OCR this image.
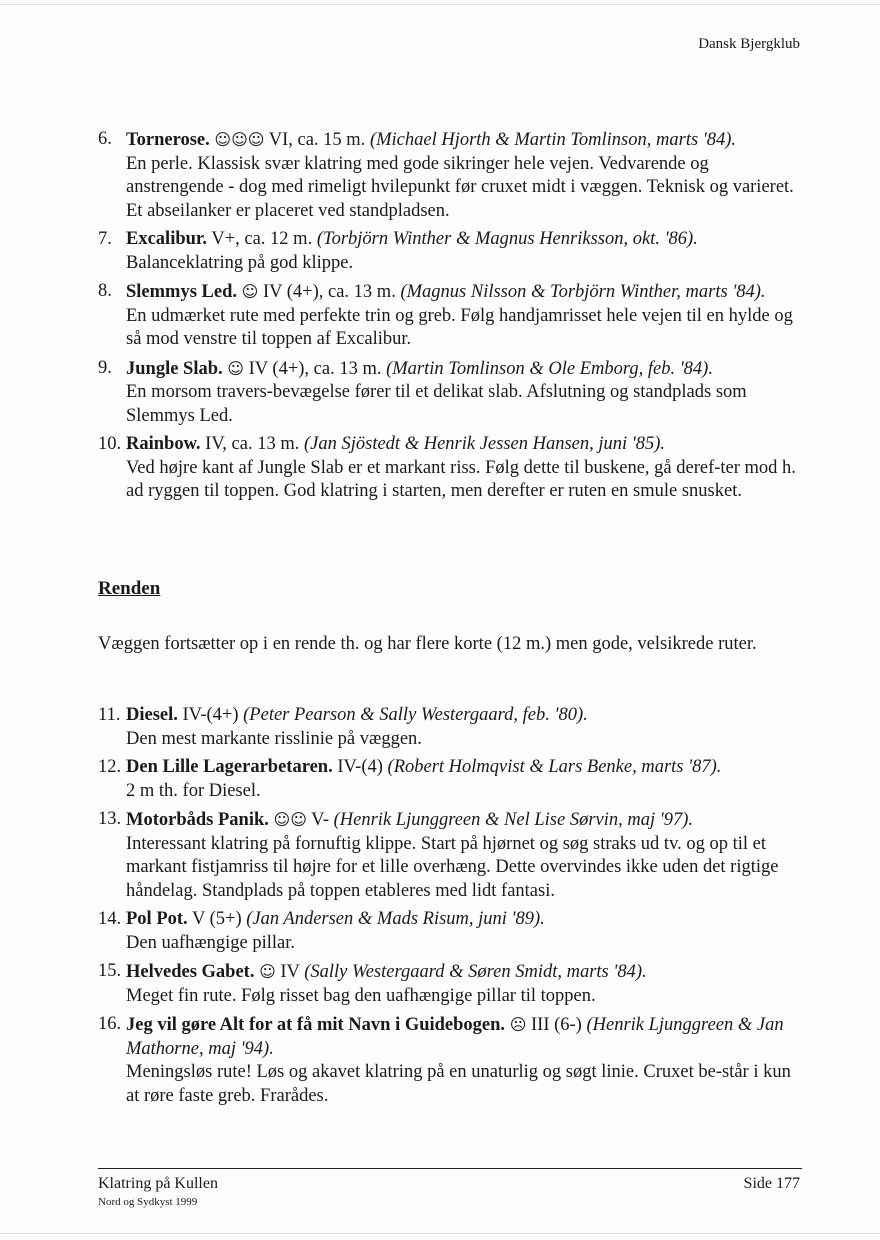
Dansk Bjergklub
6. Tornerose. ☺☺☺ VI, ca. 15 m. (Michael Hjorth & Martin Tomlinson, marts '84).
En perle. Klassisk svær klatring med gode sikringer hele vejen. Vedvarende og anstrengende - dog med rimeligt hvilepunkt før cruxet midt i væggen. Teknisk og varieret. Et abseilanker er placeret ved standpladsen.
7. Excalibur. V+, ca. 12 m. (Torbjörn Winther & Magnus Henriksson, okt. '86).
Balanceklatring på god klippe.
8. Slemmys Led. ☺ IV (4+), ca. 13 m. (Magnus Nilsson & Torbjörn Winther, marts '84).
En udmærket rute med perfekte trin og greb. Følg handjamrisset hele vejen til en hylde og så mod venstre til toppen af Excalibur.
9. Jungle Slab. ☺ IV (4+), ca. 13 m. (Martin Tomlinson & Ole Emborg, feb. '84).
En morsom travers-bevægelse fører til et delikat slab. Afslutning og standplads som Slemmys Led.
10. Rainbow. IV, ca. 13 m. (Jan Sjöstedt & Henrik Jessen Hansen, juni '85).
Ved højre kant af Jungle Slab er et markant riss. Følg dette til buskene, gå deref-ter mod h. ad ryggen til toppen. God klatring i starten, men derefter er ruten en smule snusket.
Renden
Væggen fortsætter op i en rende th. og har flere korte (12 m.) men gode, velsikrede ruter.
11. Diesel. IV-(4+) (Peter Pearson & Sally Westergaard, feb. '80).
Den mest markante risslinie på væggen.
12. Den Lille Lagerarbetaren. IV-(4) (Robert Holmqvist & Lars Benke, marts '87).
2 m th. for Diesel.
13. Motorbåds Panik. ☺☺ V- (Henrik Ljunggreen & Nel Lise Sørvin, maj '97).
Interessant klatring på fornuftig klippe. Start på hjørnet og søg straks ud tv. og op til et markant fistjamriss til højre for et lille overhæng. Dette overvindes ikke uden det rigtige håndelag. Standplads på toppen etableres med lidt fantasi.
14. Pol Pot. V (5+) (Jan Andersen & Mads Risum, juni '89).
Den uafhængige pillar.
15. Helvedes Gabet. ☺ IV (Sally Westergaard & Søren Smidt, marts '84).
Meget fin rute. Følg risset bag den uafhængige pillar til toppen.
16. Jeg vil gøre Alt for at få mit Navn i Guidebogen. ☹ III (6-) (Henrik Ljunggreen & Jan Mathorne, maj '94).
Meningsløs rute! Løs og akavet klatring på en unaturlig og søgt linie. Cruxet be-står i kun at røre faste greb. Frarådes.
Klatring på Kullen
Nord og Sydkyst 1999
Side 177
